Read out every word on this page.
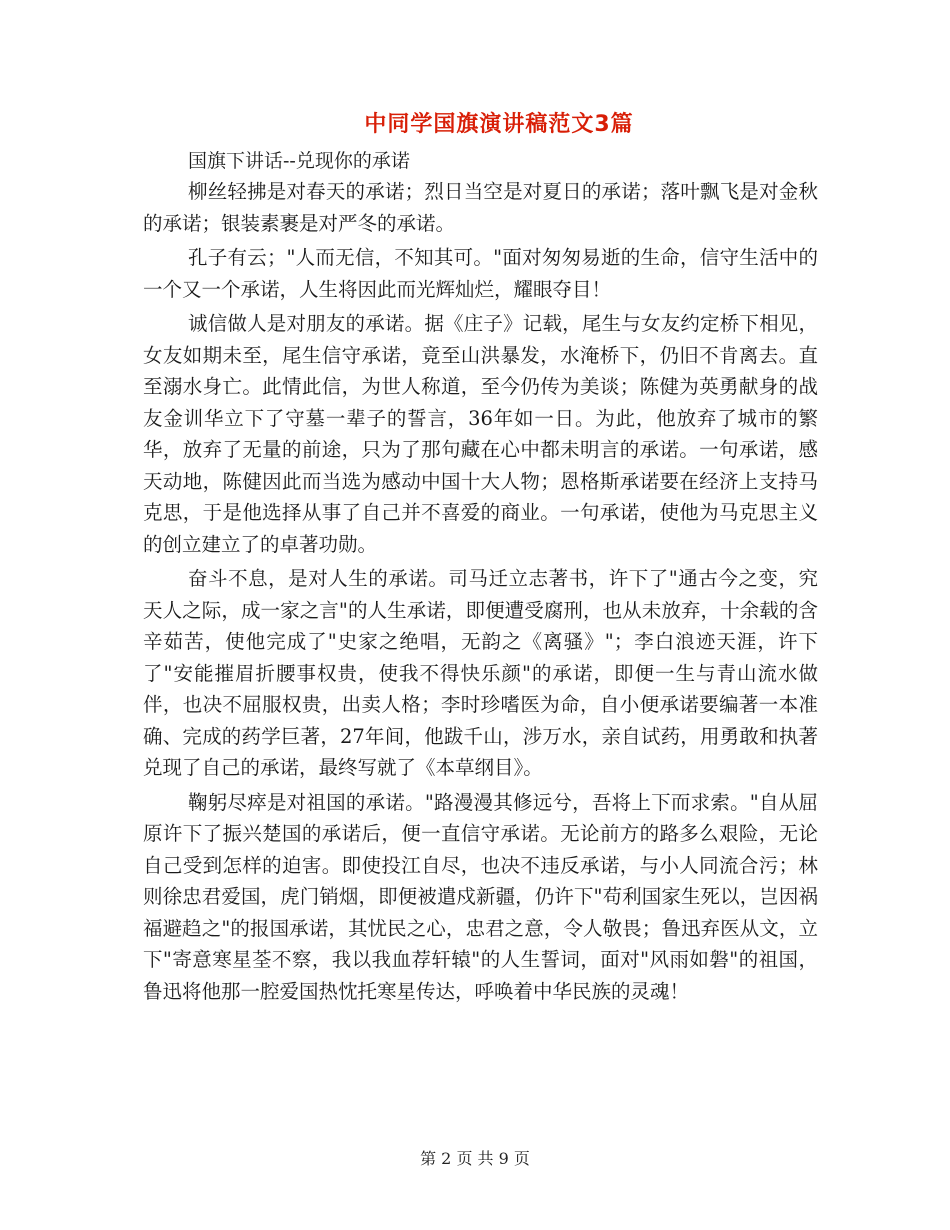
中同学国旗演讲稿范文3篇
国旗下讲话--兑现你的承诺

柳丝轻拂是对春天的承诺；烈日当空是对夏日的承诺；落叶飘飞是对金秋的承诺；银装素裹是对严冬的承诺。

孔子有云；"人而无信，不知其可。"面对匆匆易逝的生命，信守生活中的一个又一个承诺，人生将因此而光辉灿烂，耀眼夺目！

诚信做人是对朋友的承诺。据《庄子》记载，尾生与女友约定桥下相见，女友如期未至，尾生信守承诺，竟至山洪暴发，水淹桥下，仍旧不肯离去。直至溺水身亡。此情此信，为世人称道，至今仍传为美谈；陈健为英勇献身的战友金训华立下了守墓一辈子的誓言，36年如一日。为此，他放弃了城市的繁华，放弃了无量的前途，只为了那句藏在心中都未明言的承诺。一句承诺，感天动地，陈健因此而当选为感动中国十大人物；恩格斯承诺要在经济上支持马克思，于是他选择从事了自己并不喜爱的商业。一句承诺，使他为马克思主义的创立建立了的卓著功勋。

奋斗不息，是对人生的承诺。司马迁立志著书，许下了"通古今之变，究天人之际，成一家之言"的人生承诺，即便遭受腐刑，也从未放弃，十余载的含辛茹苦，使他完成了"史家之绝唱，无韵之《离骚》"；李白浪迹天涯，许下了"安能摧眉折腰事权贵，使我不得快乐颜"的承诺，即便一生与青山流水做伴，也决不屈服权贵，出卖人格；李时珍嗜医为命，自小便承诺要编著一本准确、完成的药学巨著，27年间，他跋千山，涉万水，亲自试药，用勇敢和执著兑现了自己的承诺，最终写就了《本草纲目》。

鞠躬尽瘁是对祖国的承诺。"路漫漫其修远兮，吾将上下而求索。"自从屈原许下了振兴楚国的承诺后，便一直信守承诺。无论前方的路多么艰险，无论自己受到怎样的迫害。即使投江自尽，也决不违反承诺，与小人同流合污；林则徐忠君爱国，虎门销烟，即便被遣戍新疆，仍许下"苟利国家生死以，岂因祸福避趋之"的报国承诺，其忧民之心，忠君之意，令人敬畏；鲁迅弃医从文，立下"寄意寒星荃不察，我以我血荐轩辕"的人生誓词，面对"风雨如磐"的祖国，鲁迅将他那一腔爱国热忱托寒星传达，呼唤着中华民族的灵魂！

第 2 页 共 9 页
